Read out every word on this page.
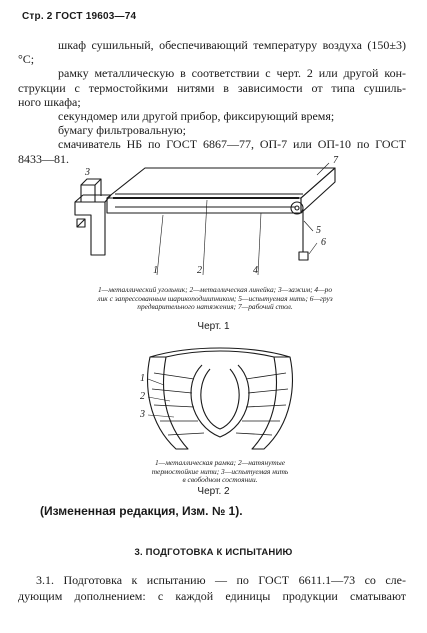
Стр. 2 ГОСТ 19603—74

шкаф сушильный, обеспечивающий температуру воздуха (150±3)°С;

рамку металлическую в соответствии с черт. 2 или другой кон-

струкции с термостойкими нитями в зависимости от типа сушиль-

ного шкафа;

секундомер или другой прибор, фиксирующий время;

бумагу фильтровальную;

смачиватель НБ по ГОСТ 6867—77, ОП-7 или ОП-10 по ГОСТ

8433—81.

1	2
3
4
5
6
7
1—металлический угольник; 2—металлическая линейка; 3—зажим; 4—ро
лик с запрессованным шарикоподшипником; 5—испытуемая нить; 6—груз
предварительного натяжения; 7—рабочий стол.
Черт. 1
1
2
3
1—металлическая рамка; 2—натянутые
термостойкие нити; 3—испытуемая нить
в свободном состоянии.
Черт. 2
(Измененная редакция, Изм. № 1).
3. ПОДГОТОВКА К ИСПЫТАНИЮ
3.1. Подготовка к испытанию — по ГОСТ 6611.1—73 со сле-
дующим дополнением: с каждой единицы продукции сматывают
